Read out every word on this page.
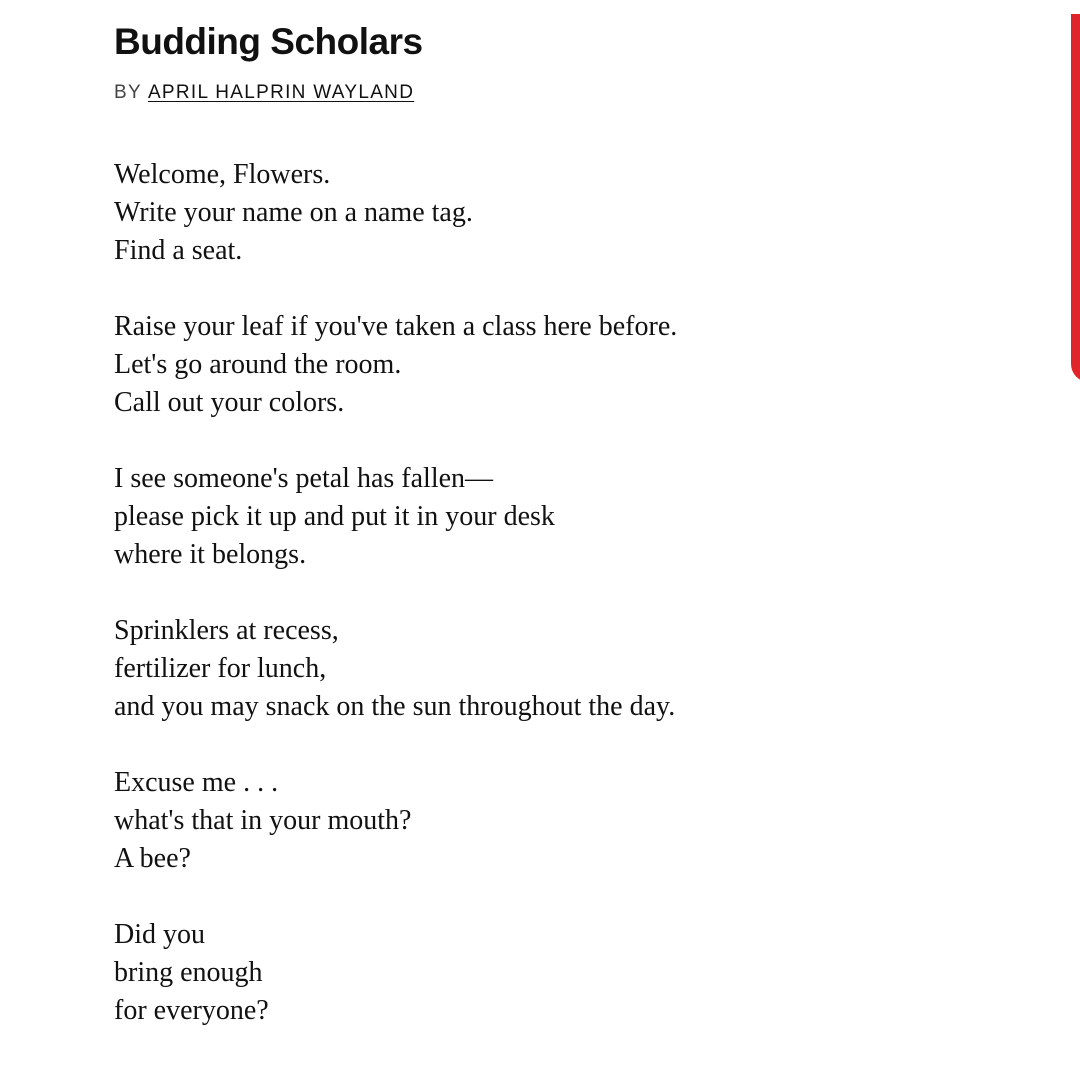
Budding Scholars
BY APRIL HALPRIN WAYLAND
Welcome, Flowers.
Write your name on a name tag.
Find a seat.
Raise your leaf if you've taken a class here before.
Let's go around the room.
Call out your colors.
I see someone's petal has fallen—
please pick it up and put it in your desk
where it belongs.
Sprinklers at recess,
fertilizer for lunch,
and you may snack on the sun throughout the day.
Excuse me . . .
what's that in your mouth?
A bee?
Did you
bring enough
for everyone?
